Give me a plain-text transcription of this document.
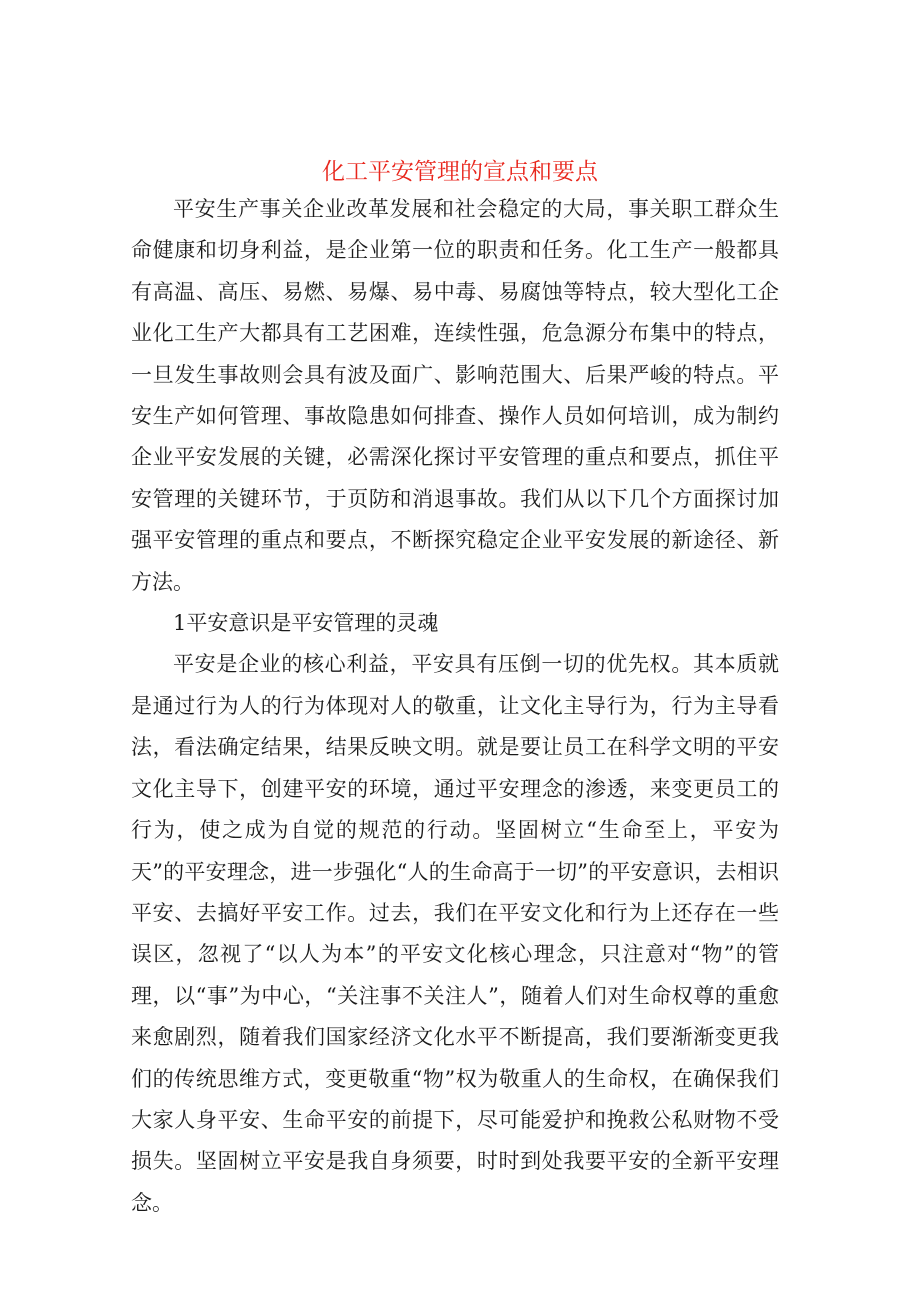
化工平安管理的宣点和要点

平安生产事关企业改革发展和社会稳定的大局，事关职工群众生命健康和切身利益，是企业第一位的职责和任务。化工生产一般都具有高温、高压、易燃、易爆、易中毒、易腐蚀等特点，较大型化工企业化工生产大都具有工艺困难，连续性强，危急源分布集中的特点，一旦发生事故则会具有波及面广、影响范围大、后果严峻的特点。平安生产如何管理、事故隐患如何排查、操作人员如何培训，成为制约企业平安发展的关键，必需深化探讨平安管理的重点和要点，抓住平安管理的关键环节，于页防和消退事故。我们从以下几个方面探讨加强平安管理的重点和要点，不断探究稳定企业平安发展的新途径、新方法。

1平安意识是平安管理的灵魂

平安是企业的核心利益，平安具有压倒一切的优先权。其本质就是通过行为人的行为体现对人的敬重，让文化主导行为，行为主导看法，看法确定结果，结果反映文明。就是要让员工在科学文明的平安文化主导下，创建平安的环境，通过平安理念的渗透，来变更员工的行为，使之成为自觉的规范的行动。坚固树立“生命至上，平安为天”的平安理念，进一步强化“人的生命高于一切”的平安意识，去相识平安、去搞好平安工作。过去，我们在平安文化和行为上还存在一些误区，忽视了“以人为本”的平安文化核心理念，只注意对“物”的管理，以“事”为中心，“关注事不关注人”，随着人们对生命权尊的重愈来愈剧烈，随着我们国家经济文化水平不断提高，我们要渐渐变更我们的传统思维方式，变更敬重“物”权为敬重人的生命权，在确保我们大家人身平安、生命平安的前提下，尽可能爱护和挽救公私财物不受损失。坚固树立平安是我自身须要，时时到处我要平安的全新平安理念。
